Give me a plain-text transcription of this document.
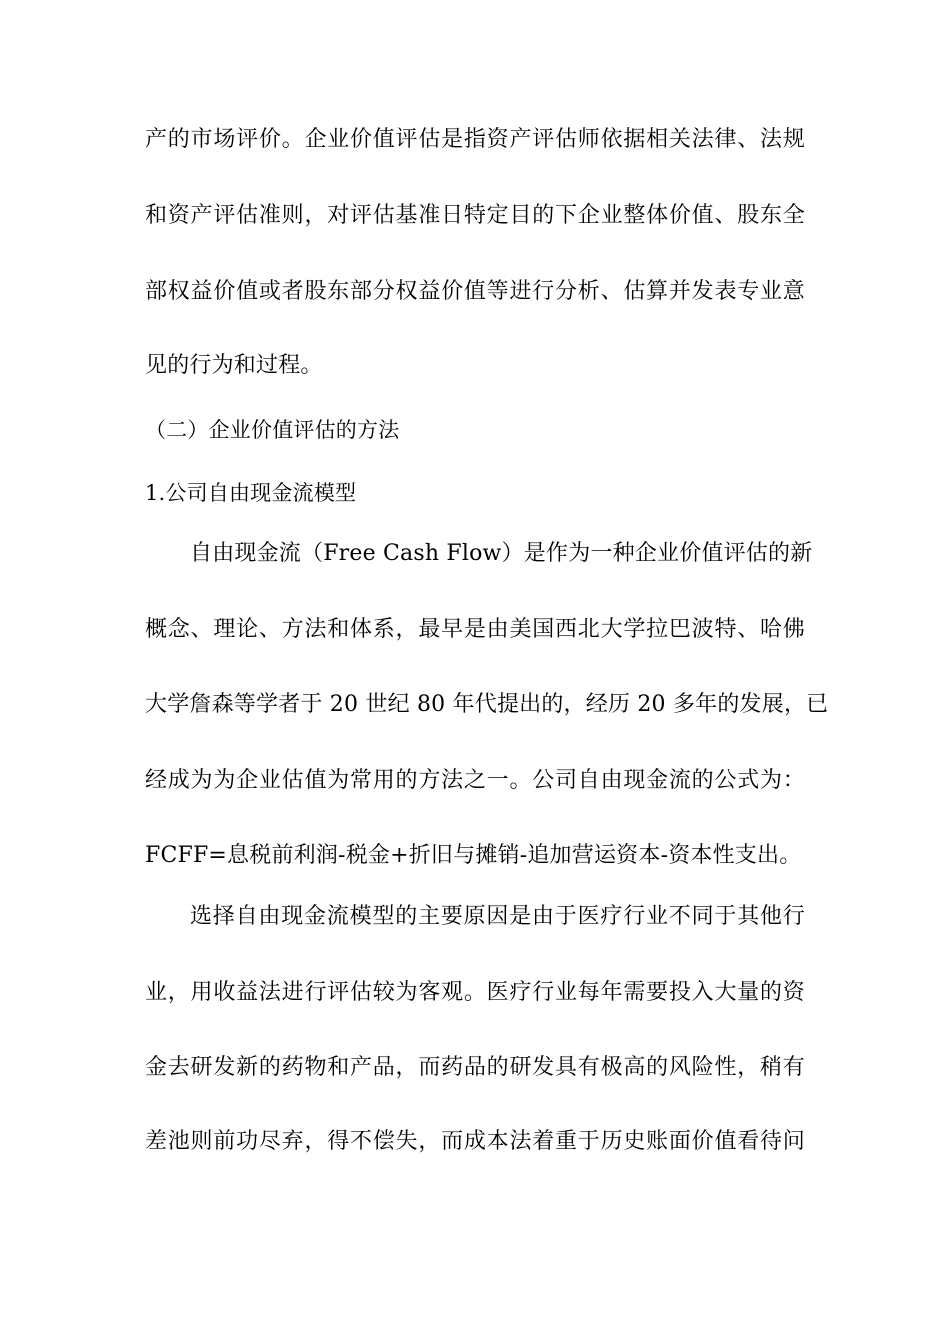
产的市场评价。企业价值评估是指资产评估师依据相关法律、法规
和资产评估准则，对评估基准日特定目的下企业整体价值、股东全
部权益价值或者股东部分权益价值等进行分析、估算并发表专业意
见的行为和过程。
（二）企业价值评估的方法
1.公司自由现金流模型
自由现金流（Free Cash Flow）是作为一种企业价值评估的新
概念、理论、方法和体系，最早是由美国西北大学拉巴波特、哈佛
大学詹森等学者于 20 世纪 80 年代提出的，经历 20 多年的发展，已
经成为为企业估值为常用的方法之一。公司自由现金流的公式为：
FCFF=息税前利润-税金+折旧与摊销-追加营运资本-资本性支出。
选择自由现金流模型的主要原因是由于医疗行业不同于其他行
业，用收益法进行评估较为客观。医疗行业每年需要投入大量的资
金去研发新的药物和产品，而药品的研发具有极高的风险性，稍有
差池则前功尽弃，得不偿失，而成本法着重于历史账面价值看待问
